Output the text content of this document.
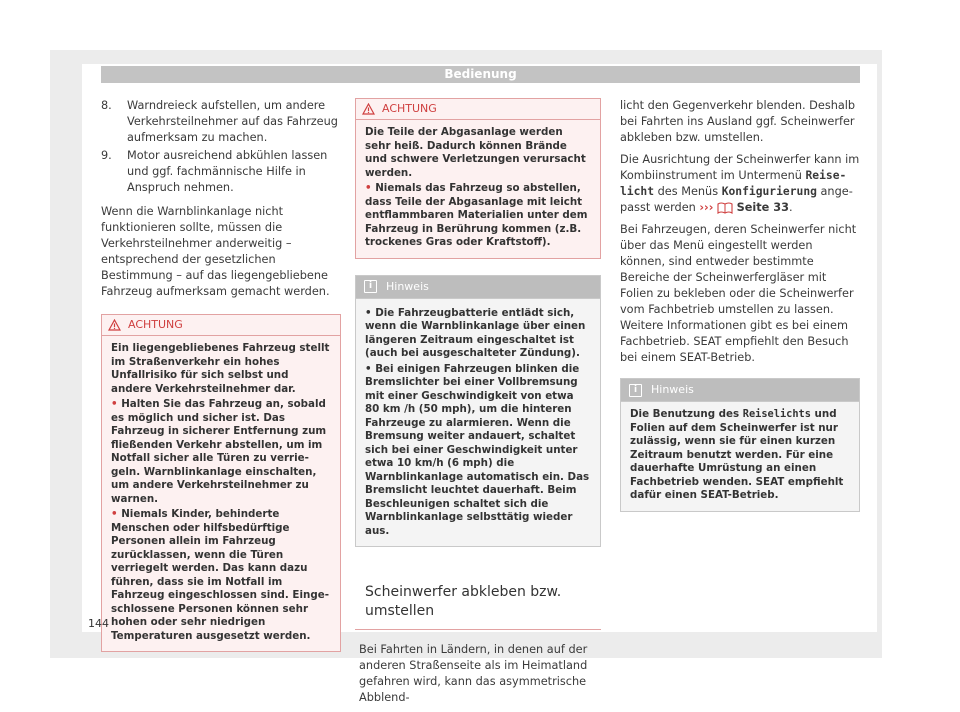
Bedienung
8.	Warndreieck aufstellen, um andere Verkehrsteilnehmer auf das Fahrzeug aufmerksam zu machen.
9.	Motor ausreichend abkühlen lassen und ggf. fachmännische Hilfe in Anspruch nehmen.

Wenn die Warnblinkanlage nicht funktionieren sollte, müssen die Verkehrsteilnehmer anderweitig – entsprechend der gesetzlichen Bestimmung – auf das liegengebliebene Fahrzeug aufmerksam gemacht werden.

ACHTUNG
Ein liegengebliebenes Fahrzeug stellt im Straßenverkehr ein hohes Unfallrisiko für sich selbst und andere Verkehrsteilnehmer dar.
• Halten Sie das Fahrzeug an, sobald es möglich und sicher ist. Das Fahrzeug in sicherer Entfernung zum fließenden Verkehr abstellen, um im Notfall sicher alle Türen zu verriegeln. Warnblinkanlage einschalten, um andere Verkehrsteilnehmer zu warnen.
• Niemals Kinder, behinderte Menschen oder hilfsbedürftige Personen allein im Fahrzeug zurücklassen, wenn die Türen verriegelt werden. Das kann dazu führen, dass sie im Notfall im Fahrzeug eingeschlossen sind. Eingeschlossene Personen können sehr hohen oder sehr niedrigen Temperaturen ausgesetzt werden.
ACHTUNG
Die Teile der Abgasanlage werden sehr heiß. Dadurch können Brände und schwere Verletzungen verursacht werden.
• Niemals das Fahrzeug so abstellen, dass Teile der Abgasanlage mit leicht entflammbaren Materialien unter dem Fahrzeug in Berührung kommen (z.B. trockenes Gras oder Kraftstoff).
i	Hinweis
• Die Fahrzeugbatterie entlädt sich, wenn die Warnblinkanlage über einen längeren Zeitraum eingeschaltet ist (auch bei ausgeschalteter Zündung).
• Bei einigen Fahrzeugen blinken die Bremslichter bei einer Vollbremsung mit einer Geschwindigkeit von etwa 80 km /h (50 mph), um die hinteren Fahrzeuge zu alarmieren. Wenn die Bremsung weiter andauert, schaltet sich bei einer Geschwindigkeit unter etwa 10 km/h (6 mph) die Warnblinkanlage automatisch ein. Das Bremslicht leuchtet dauerhaft. Beim Beschleunigen schaltet sich die Warnblinkanlage selbsttätig wieder aus.
Scheinwerfer abkleben bzw. umstellen

Bei Fahrten in Ländern, in denen auf der anderen Straßenseite als im Heimatland gefahren wird, kann das asymmetrische Abblend-

licht den Gegenverkehr blenden. Deshalb bei Fahrten ins Ausland ggf. Scheinwerfer abkleben bzw. umstellen.

Die Ausrichtung der Scheinwerfer kann im Kombiinstrument im Untermenü Reiselicht des Menüs Konfigurierung angepasst werden ››› Seite 33.

Bei Fahrzeugen, deren Scheinwerfer nicht über das Menü eingestellt werden können, sind entweder bestimmte Bereiche der Scheinwerfergläser mit Folien zu bekleben oder die Scheinwerfer vom Fachbetrieb umstellen zu lassen. Weitere Informationen gibt es bei einem Fachbetrieb. SEAT empfiehlt den Besuch bei einem SEAT-Betrieb.

i	Hinweis
Die Benutzung des Reiselichts und Folien auf dem Scheinwerfer ist nur zulässig, wenn sie für einen kurzen Zeitraum benutzt werden. Für eine dauerhafte Umrüstung an einen Fachbetrieb wenden. SEAT empfiehlt dafür einen SEAT-Betrieb.
144
